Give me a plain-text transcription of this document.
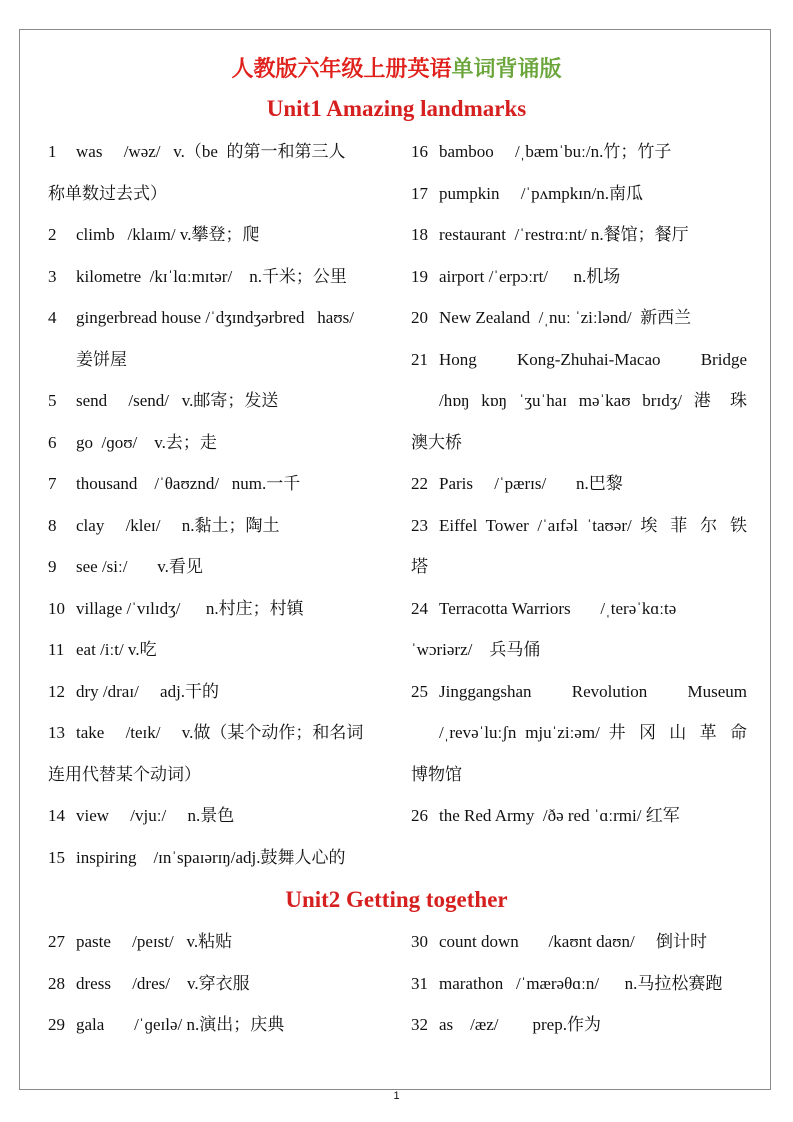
人教版六年级上册英语单词背诵版
Unit1 Amazing landmarks
1 was     /wəz/   v.（be  的第一和第三人
称单数过去式）
2 climb   /klaɪm/ v.攀登；爬
3 kilometre  /kɪˈlɑːmɪtər/    n.千米；公里
4 gingerbread house /ˈdʒɪndʒərbred   haʊs/
姜饼屋
5 send     /send/   v.邮寄；发送
6 go  /ɡoʊ/    v.去；走
7 thousand    /ˈθaʊznd/   num.一千
8 clay     /kleɪ/     n.黏土；陶土
9 see /siː/       v.看见
10 village /ˈvɪlɪdʒ/      n.村庄；村镇
11 eat /iːt/ v.吃
12 dry /draɪ/     adj.干的
13 take     /teɪk/     v.做（某个动作；和名词
连用代替某个动词）
14 view     /vjuː/     n.景色
15 inspiring    /ɪnˈspaɪərɪŋ/adj.鼓舞人心的
16 bamboo     /ˌbæmˈbuː/n.竹；竹子
17 pumpkin     /ˈpʌmpkɪn/n.南瓜
18 restaurant  /ˈrestrɑːnt/ n.餐馆；餐厅
19 airport /ˈerpɔːrt/      n.机场
20 New Zealand  /ˌnuː ˈziːlənd/  新西兰
21 Hong Kong-Zhuhai-Macao Bridge
/hɒŋ kɒŋ ˈʒuˈhaɪ məˈkaʊ brɪdʒ/ 港 珠
澳大桥
22 Paris     /ˈpærɪs/       n.巴黎
23 Eiffel Tower /ˈaɪfəl ˈtaʊər/ 埃 菲 尔 铁
塔
24 Terracotta Warriors       /ˌterəˈkɑːtə
ˈwɔriərz/    兵马俑
25 Jinggangshan Revolution Museum
/ˌrevəˈluːʃn mjuˈziːəm/ 井 冈 山 革 命
博物馆
26 the Red Army  /ðə red ˈɑːrmi/ 红军
Unit2 Getting together
27 paste     /peɪst/   v.粘贴
28 dress     /dres/    v.穿衣服
29 gala       /ˈɡeɪlə/ n.演出；庆典
30 count down       /kaʊnt daʊn/     倒计时
31 marathon   /ˈmærəθɑːn/      n.马拉松赛跑
32 as    /æz/        prep.作为
1
